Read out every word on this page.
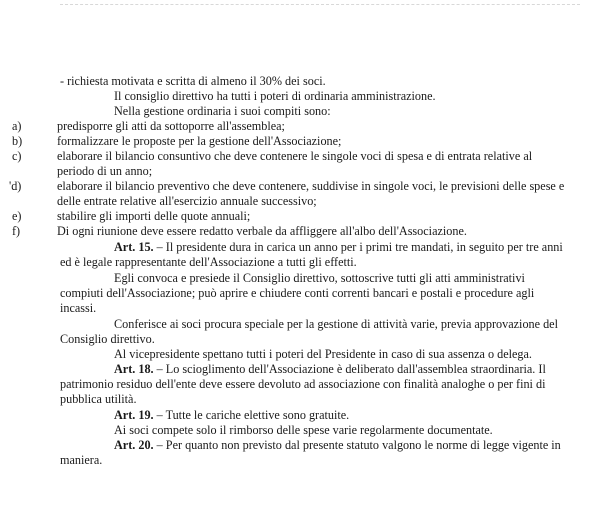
- richiesta motivata e scritta di almeno il 30% dei soci.
Il consiglio direttivo ha tutti i poteri di ordinaria amministrazione.
Nella gestione ordinaria i suoi compiti sono:
a)	predisporre gli atti da sottoporre all'assemblea;
b)	formalizzare le proposte per la gestione dell'Associazione;
c)	elaborare il bilancio consuntivo che deve contenere le singole voci di spesa e di entrata relative al
periodo di un anno;
'd)	elaborare il bilancio preventivo che deve contenere, suddivise in singole voci, le previsioni delle spese e
delle entrate relative all'esercizio annuale successivo;
e)	stabilire gli importi delle quote annuali;
f)	Di ogni riunione deve essere redatto verbale da affliggere all'albo dell'Associazione.
Art. 15. – Il presidente dura in carica un anno per i primi tre mandati, in seguito per tre anni
ed è legale rappresentante dell'Associazione a tutti gli effetti.
Egli convoca e presiede il Consiglio direttivo, sottoscrive tutti gli atti amministrativi
compiuti dell'Associazione; può aprire e chiudere conti correnti bancari e postali e procedure agli
incassi.
Conferisce ai soci procura speciale per la gestione di attività varie, previa approvazione del
Consiglio direttivo.
Al vicepresidente spettano tutti i poteri del Presidente in caso di sua assenza o delega.
Art. 18. – Lo scioglimento dell'Associazione è deliberato dall'assemblea straordinaria. Il
patrimonio residuo dell'ente deve essere devoluto ad associazione con finalità analoghe o per fini di
pubblica utilità.
Art. 19. – Tutte le cariche elettive sono gratuite.
Ai soci compete solo il rimborso delle spese varie regolarmente documentate.
Art. 20. – Per quanto non previsto dal presente statuto valgono le norme di legge vigente in
maniera.
